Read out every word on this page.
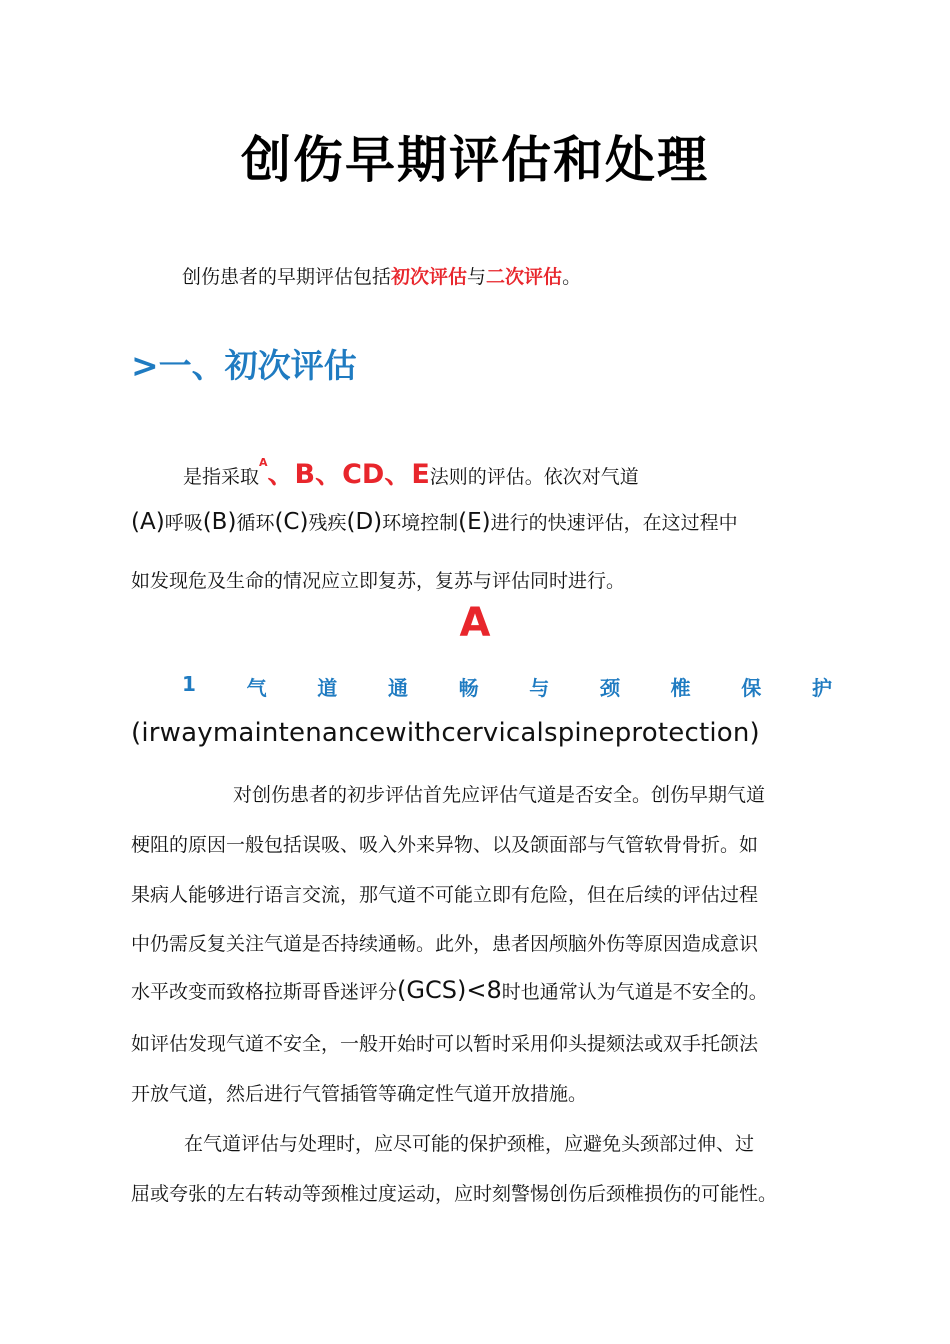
创伤早期评估和处理
创伤患者的早期评估包括初次评估与二次评估。
>一、初次评估
是指采取$^A$、B、CD、E法则的评估。依次对气道
(A)呼吸(B)循环(C)残疾(D)环境控制(E)进行的快速评估，在这过程中
如发现危及生命的情况应立即复苏，复苏与评估同时进行。
A
1	气	道	通	畅	与	颈	椎	保	护
(irwaymaintenancewithcervicalspineprotection)
对创伤患者的初步评估首先应评估气道是否安全。创伤早期气道
梗阻的原因一般包括误吸、吸入外来异物、以及颌面部与气管软骨骨折。如
果病人能够进行语言交流，那气道不可能立即有危险，但在后续的评估过程
中仍需反复关注气道是否持续通畅。此外，患者因颅脑外伤等原因造成意识
水平改变而致格拉斯哥昏迷评分(GCS)<8时也通常认为气道是不安全的。
如评估发现气道不安全，一般开始时可以暂时采用仰头提颏法或双手托颌法
开放气道，然后进行气管插管等确定性气道开放措施。
在气道评估与处理时，应尽可能的保护颈椎，应避免头颈部过伸、过
屈或夸张的左右转动等颈椎过度运动，应时刻警惕创伤后颈椎损伤的可能性。
